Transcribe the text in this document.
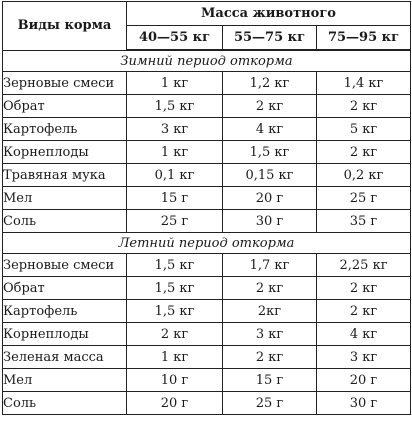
Виды корма	Масса животного		
	40—55 кг	55—75 кг	75—95 кг
Зимний период откорма			
Зерновые смеси	1 кг	1,2 кг	1,4 кг
Обрат	1,5 кг	2 кг	2 кг
Картофель	3 кг	4 кг	5 кг
Корнеплоды	1 кг	1,5 кг	2 кг
Травяная мука	0,1 кг	0,15 кг	0,2 кг
Мел	15 г	20 г	25 г
Соль	25 г	30 г	35 г
Летний период откорма			
Зерновые смеси	1,5 кг	1,7 кг	2,25 кг
Обрат	1,5 кг	2 кг	2 кг
Картофель	1,5 кг	2кг	2 кг
Корнеплоды	2 кг	3 кг	4 кг
Зеленая масса	1 кг	2 кг	3 кг
Мел	10 г	15 г	20 г
Соль	20 г	25 г	30 г
